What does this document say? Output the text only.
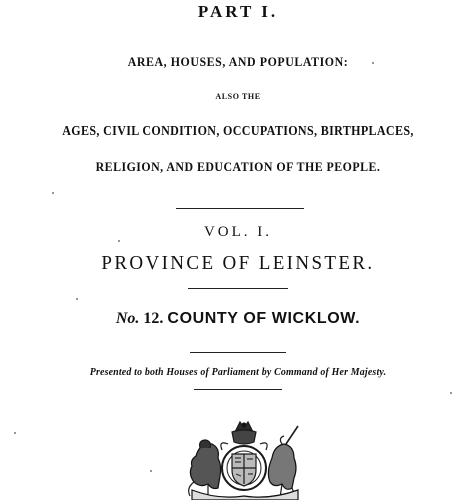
PART I.
AREA, HOUSES, AND POPULATION:
ALSO THE
AGES, CIVIL CONDITION, OCCUPATIONS, BIRTHPLACES,
RELIGION, AND EDUCATION OF THE PEOPLE.
VOL. I.
PROVINCE OF LEINSTER.
No. 12. COUNTY OF WICKLOW.
Presented to both Houses of Parliament by Command of Her Majesty.
